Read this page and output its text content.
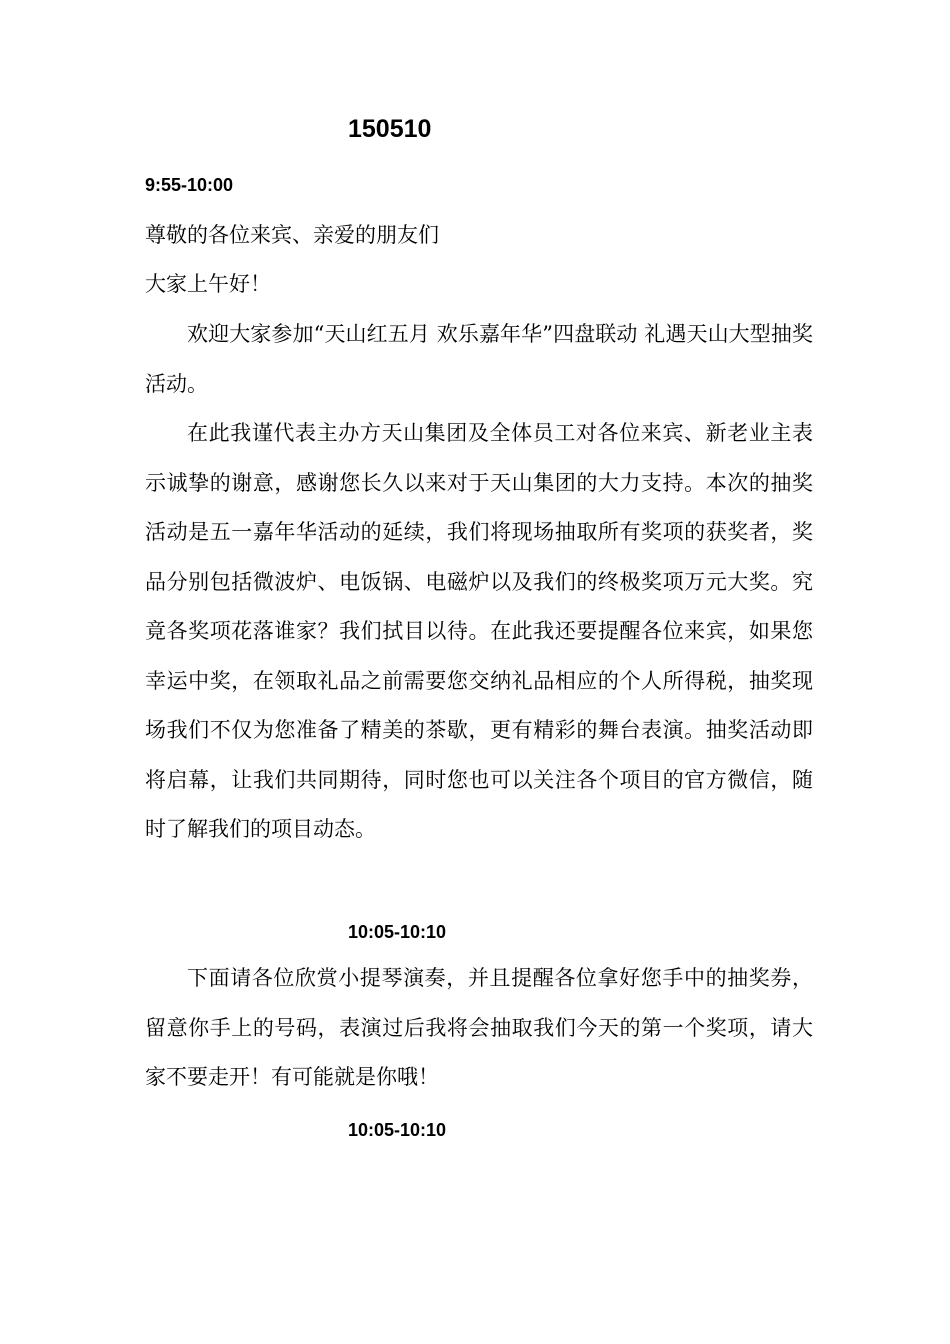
150510
9:55-10:00

尊敬的各位来宾、亲爱的朋友们

大家上午好！

欢迎大家参加“天山红五月 欢乐嘉年华”四盘联动 礼遇天山大型抽奖活动。

在此我谨代表主办方天山集团及全体员工对各位来宾、新老业主表示诚挚的谢意，感谢您长久以来对于天山集团的大力支持。本次的抽奖活动是五一嘉年华活动的延续，我们将现场抽取所有奖项的获奖者，奖品分别包括微波炉、电饭锅、电磁炉以及我们的终极奖项万元大奖。究竟各奖项花落谁家？我们拭目以待。在此我还要提醒各位来宾，如果您幸运中奖，在领取礼品之前需要您交纳礼品相应的个人所得税，抽奖现场我们不仅为您准备了精美的茶歇，更有精彩的舞台表演。抽奖活动即将启幕，让我们共同期待，同时您也可以关注各个项目的官方微信，随时了解我们的项目动态。

10:05-10:10

下面请各位欣赏小提琴演奏，并且提醒各位拿好您手中的抽奖券，留意你手上的号码，表演过后我将会抽取我们今天的第一个奖项，请大家不要走开！有可能就是你哦！

10:05-10:10
